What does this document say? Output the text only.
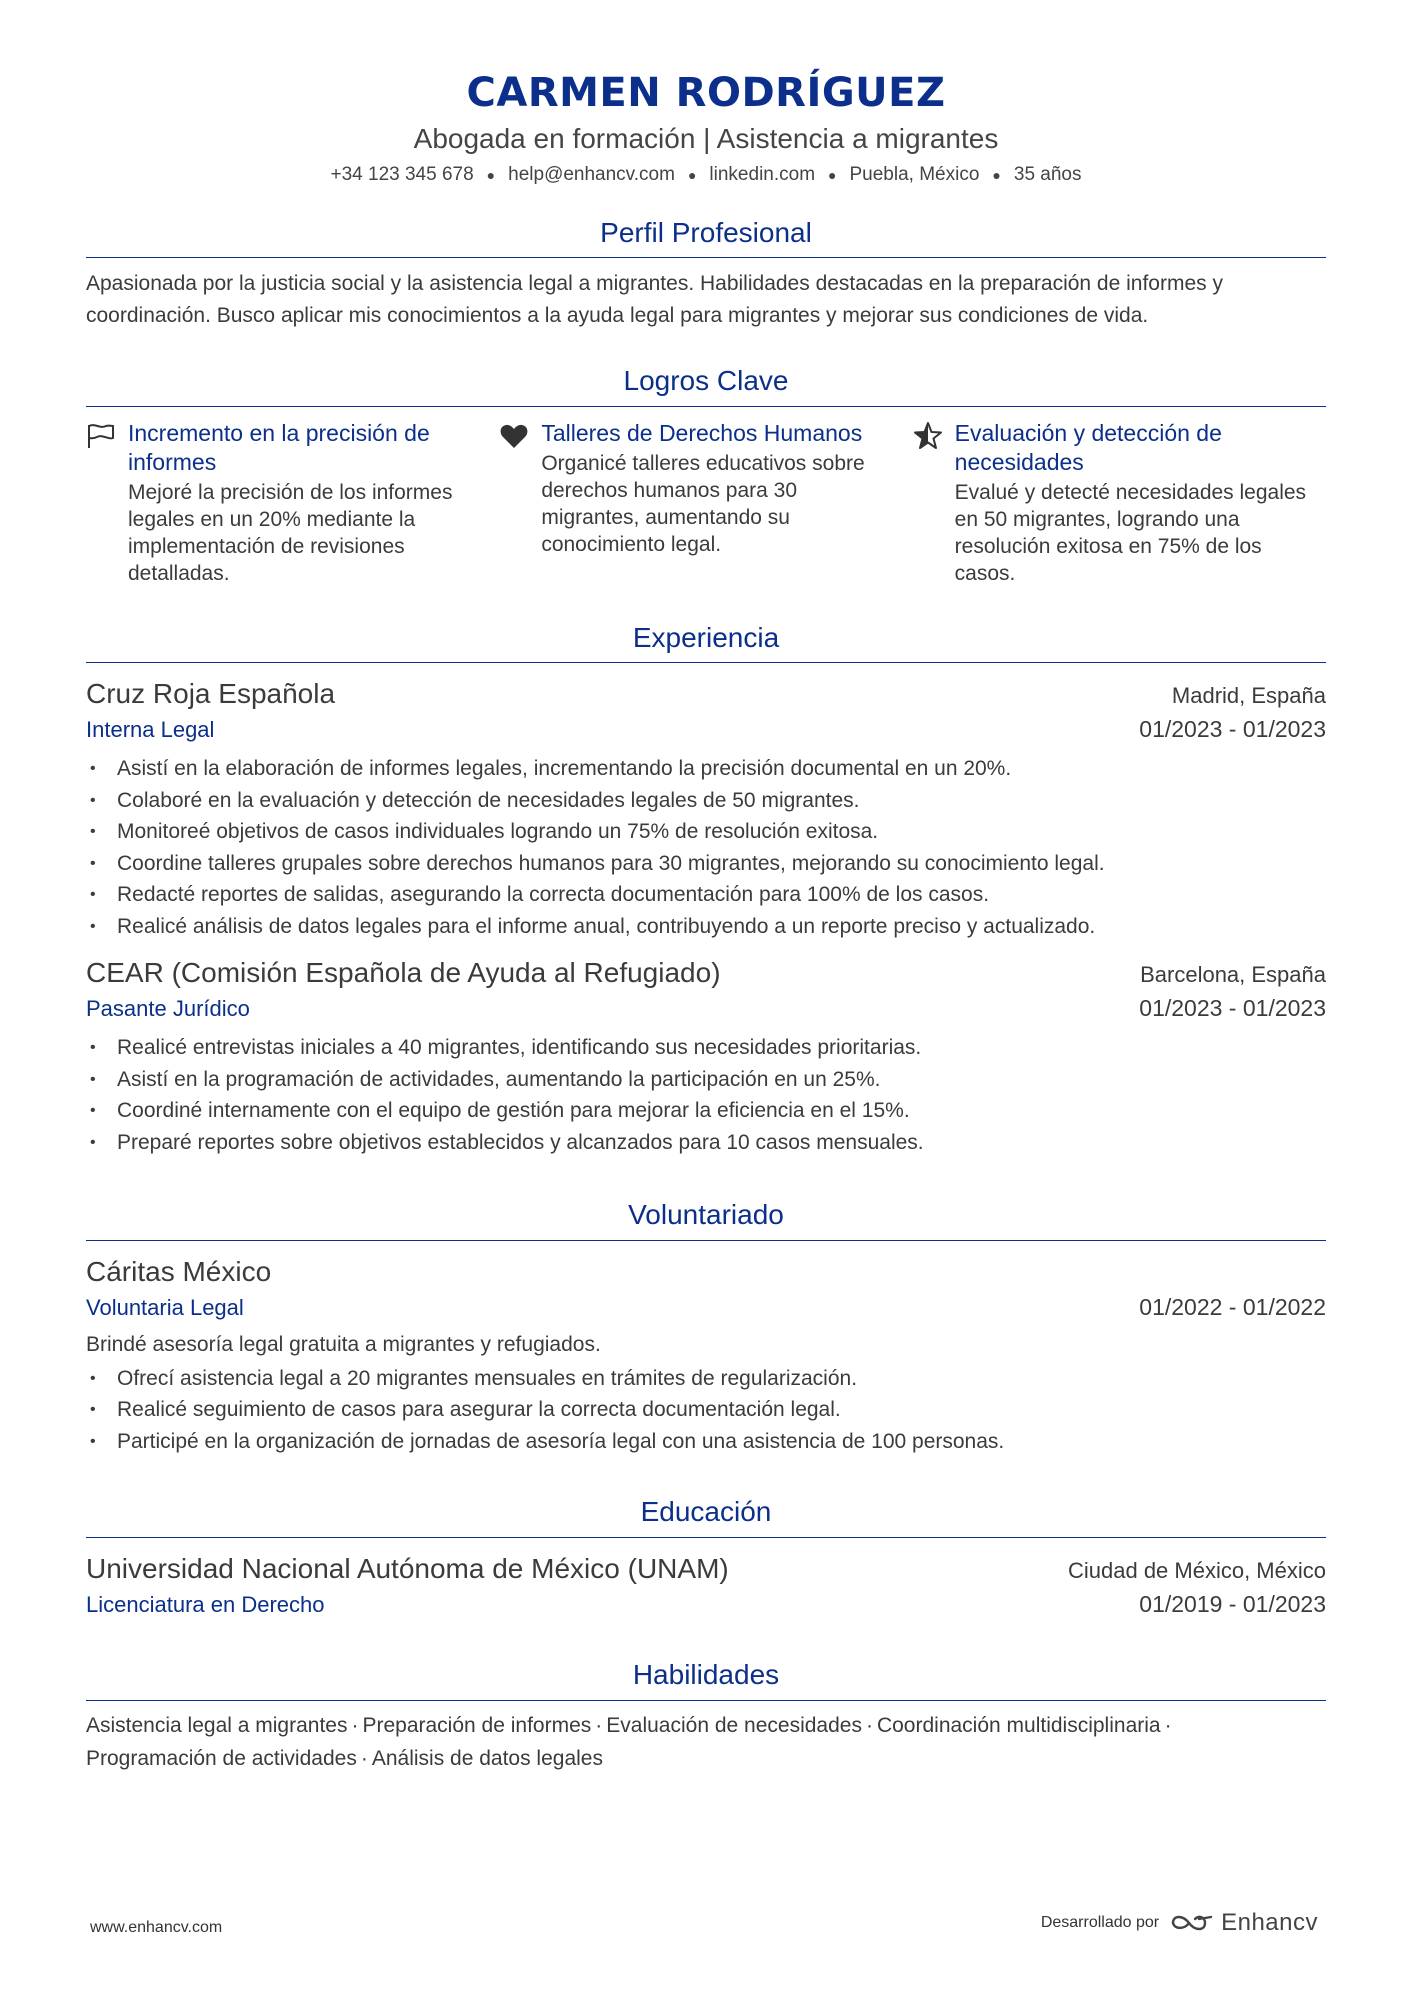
CARMEN RODRÍGUEZ
Abogada en formación | Asistencia a migrantes
+34 123 345 678 ● help@enhancv.com ● linkedin.com ● Puebla, México ● 35 años
Perfil Profesional
Apasionada por la justicia social y la asistencia legal a migrantes. Habilidades destacadas en la preparación de informes y coordinación. Busco aplicar mis conocimientos a la ayuda legal para migrantes y mejorar sus condiciones de vida.
Logros Clave
Incremento en la precisión de informes
Mejoré la precisión de los informes legales en un 20% mediante la implementación de revisiones detalladas.
Talleres de Derechos Humanos
Organicé talleres educativos sobre derechos humanos para 30 migrantes, aumentando su conocimiento legal.
Evaluación y detección de necesidades
Evalué y detecté necesidades legales en 50 migrantes, logrando una resolución exitosa en 75% de los casos.
Experiencia
Cruz Roja Española	Madrid, España
Interna Legal	01/2023 - 01/2023
• Asistí en la elaboración de informes legales, incrementando la precisión documental en un 20%.
• Colaboré en la evaluación y detección de necesidades legales de 50 migrantes.
• Monitoreé objetivos de casos individuales logrando un 75% de resolución exitosa.
• Coordine talleres grupales sobre derechos humanos para 30 migrantes, mejorando su conocimiento legal.
• Redacté reportes de salidas, asegurando la correcta documentación para 100% de los casos.
• Realicé análisis de datos legales para el informe anual, contribuyendo a un reporte preciso y actualizado.
CEAR (Comisión Española de Ayuda al Refugiado)	Barcelona, España
Pasante Jurídico	01/2023 - 01/2023
• Realicé entrevistas iniciales a 40 migrantes, identificando sus necesidades prioritarias.
• Asistí en la programación de actividades, aumentando la participación en un 25%.
• Coordiné internamente con el equipo de gestión para mejorar la eficiencia en el 15%.
• Preparé reportes sobre objetivos establecidos y alcanzados para 10 casos mensuales.
Voluntariado
Cáritas México
Voluntaria Legal	01/2022 - 01/2022
Brindé asesoría legal gratuita a migrantes y refugiados.
• Ofrecí asistencia legal a 20 migrantes mensuales en trámites de regularización.
• Realicé seguimiento de casos para asegurar la correcta documentación legal.
• Participé en la organización de jornadas de asesoría legal con una asistencia de 100 personas.
Educación
Universidad Nacional Autónoma de México (UNAM)	Ciudad de México, México
Licenciatura en Derecho	01/2019 - 01/2023
Habilidades
Asistencia legal a migrantes · Preparación de informes · Evaluación de necesidades · Coordinación multidisciplinaria ·
Programación de actividades · Análisis de datos legales
www.enhancv.com	Desarrollado por	Enhancv
